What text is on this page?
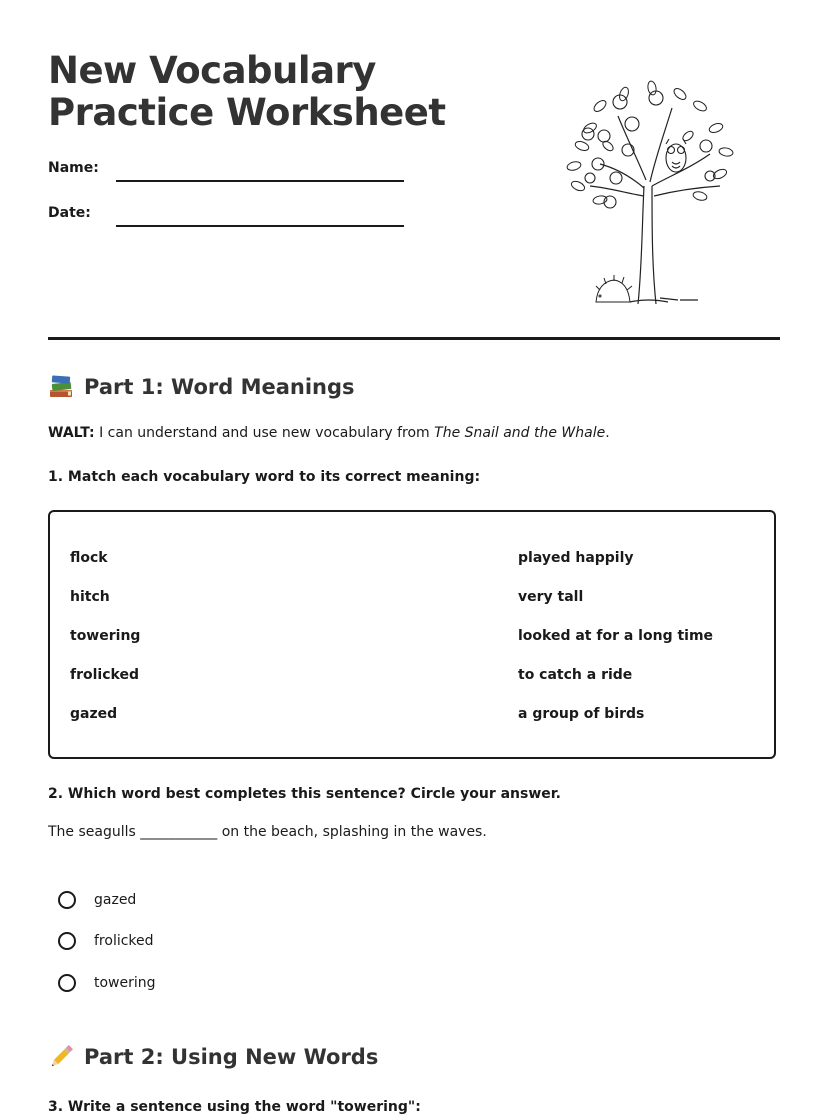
New Vocabulary
Practice Worksheet
Name:
Date:
Part 1: Word Meanings
WALT: I can understand and use new vocabulary from The Snail and the Whale.
1. Match each vocabulary word to its correct meaning:
flock	played happily
hitch	very tall
towering	looked at for a long time
frolicked	to catch a ride
gazed	a group of birds
2. Which word best completes this sentence? Circle your answer.
The seagulls ___________ on the beach, splashing in the waves.
gazed
frolicked
towering
Part 2: Using New Words
3. Write a sentence using the word "towering":
